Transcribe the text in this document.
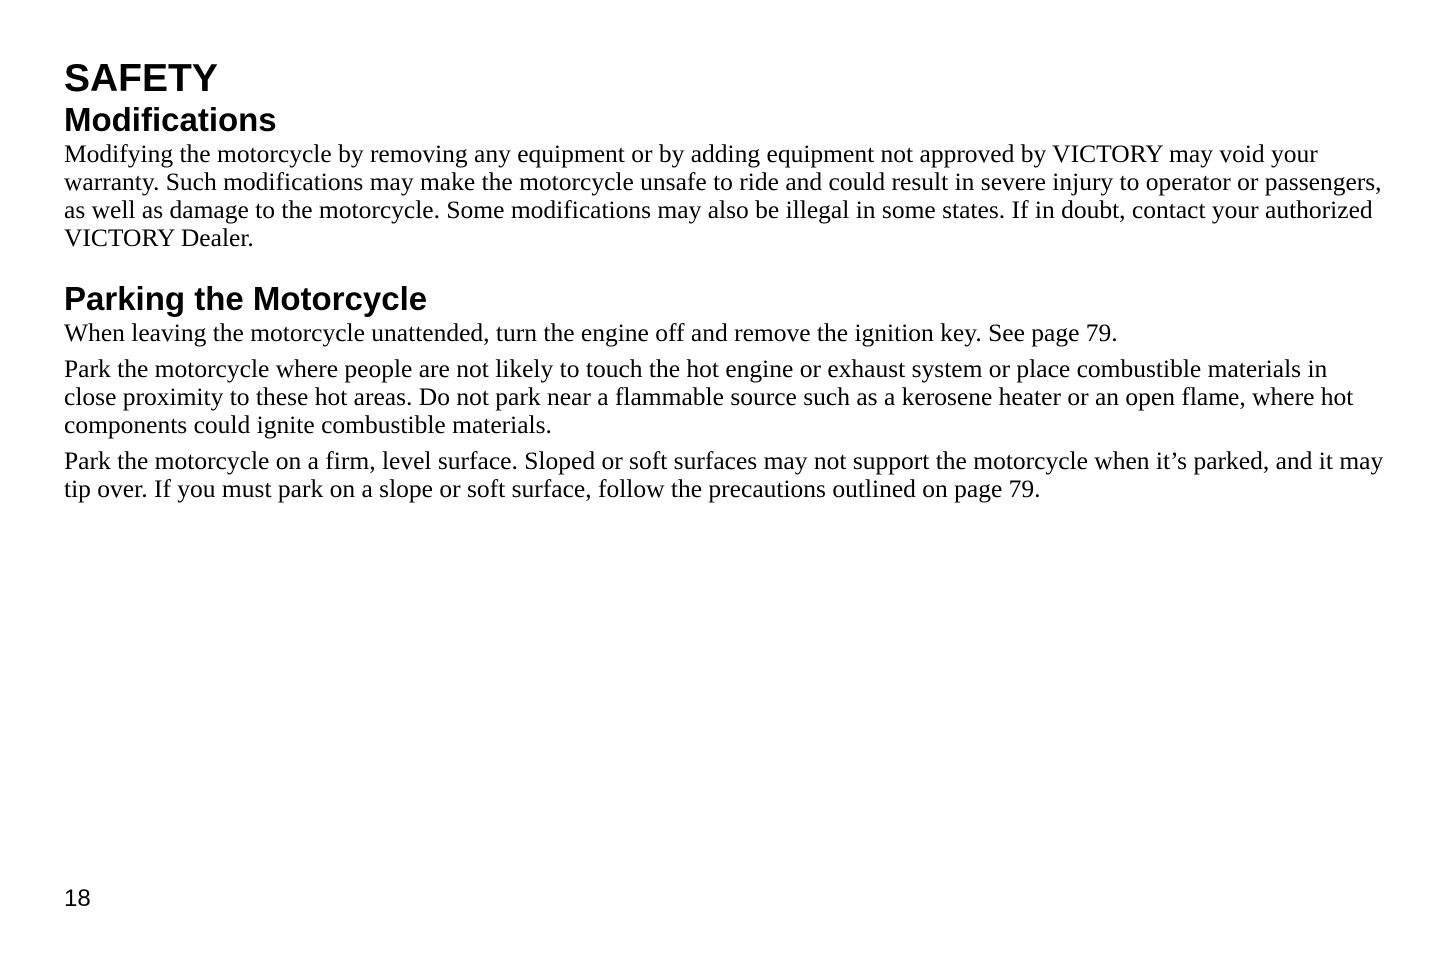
SAFETY
Modifications

Modifying the motorcycle by removing any equipment or by adding equipment not approved by VICTORY may void your warranty. Such modifications may make the motorcycle unsafe to ride and could result in severe injury to operator or passengers, as well as damage to the motorcycle. Some modifications may also be illegal in some states. If in doubt, contact your authorized VICTORY Dealer.

Parking the Motorcycle

When leaving the motorcycle unattended, turn the engine off and remove the ignition key. See page 79.

Park the motorcycle where people are not likely to touch the hot engine or exhaust system or place combustible materials in close proximity to these hot areas. Do not park near a flammable source such as a kerosene heater or an open flame, where hot components could ignite combustible materials.

Park the motorcycle on a firm, level surface. Sloped or soft surfaces may not support the motorcycle when it’s parked, and it may tip over. If you must park on a slope or soft surface, follow the precautions outlined on page 79.

18
